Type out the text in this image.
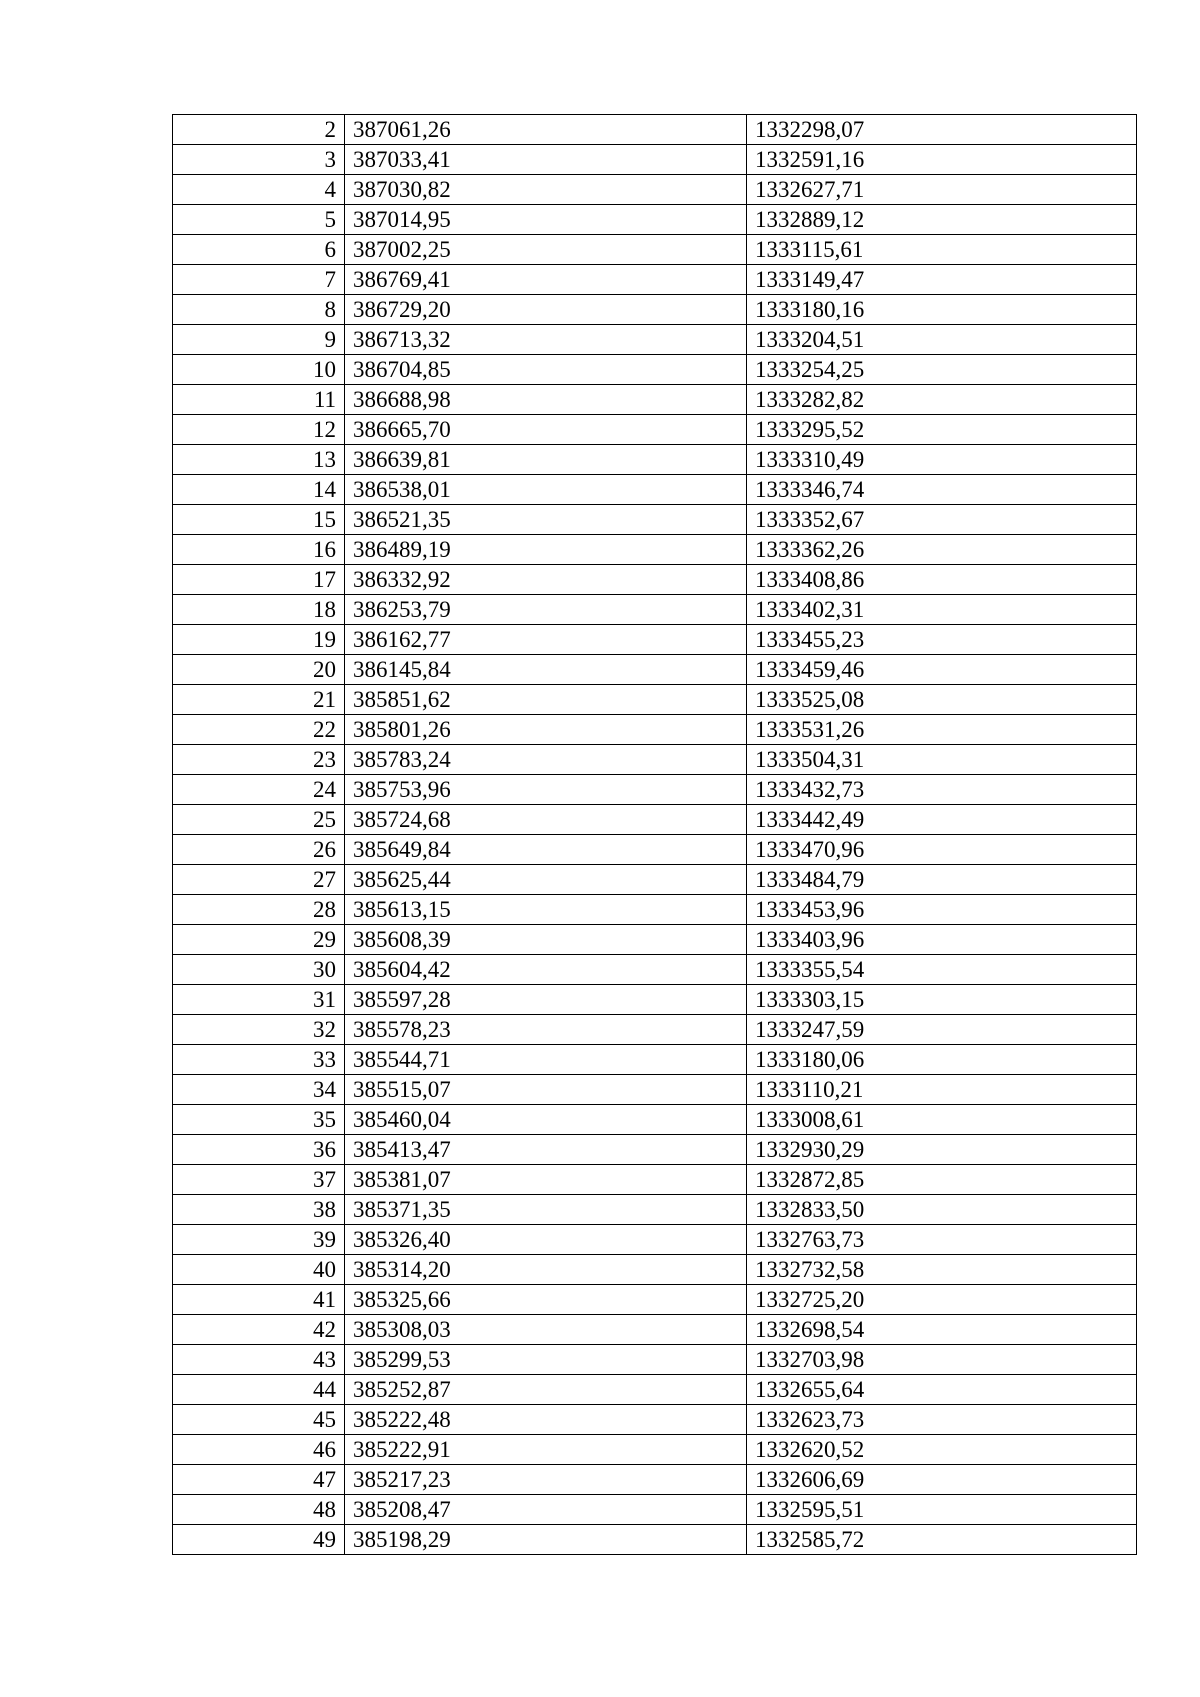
2	387061,26	1332298,07
3	387033,41	1332591,16
4	387030,82	1332627,71
5	387014,95	1332889,12
6	387002,25	1333115,61
7	386769,41	1333149,47
8	386729,20	1333180,16
9	386713,32	1333204,51
10	386704,85	1333254,25
11	386688,98	1333282,82
12	386665,70	1333295,52
13	386639,81	1333310,49
14	386538,01	1333346,74
15	386521,35	1333352,67
16	386489,19	1333362,26
17	386332,92	1333408,86
18	386253,79	1333402,31
19	386162,77	1333455,23
20	386145,84	1333459,46
21	385851,62	1333525,08
22	385801,26	1333531,26
23	385783,24	1333504,31
24	385753,96	1333432,73
25	385724,68	1333442,49
26	385649,84	1333470,96
27	385625,44	1333484,79
28	385613,15	1333453,96
29	385608,39	1333403,96
30	385604,42	1333355,54
31	385597,28	1333303,15
32	385578,23	1333247,59
33	385544,71	1333180,06
34	385515,07	1333110,21
35	385460,04	1333008,61
36	385413,47	1332930,29
37	385381,07	1332872,85
38	385371,35	1332833,50
39	385326,40	1332763,73
40	385314,20	1332732,58
41	385325,66	1332725,20
42	385308,03	1332698,54
43	385299,53	1332703,98
44	385252,87	1332655,64
45	385222,48	1332623,73
46	385222,91	1332620,52
47	385217,23	1332606,69
48	385208,47	1332595,51
49	385198,29	1332585,72
